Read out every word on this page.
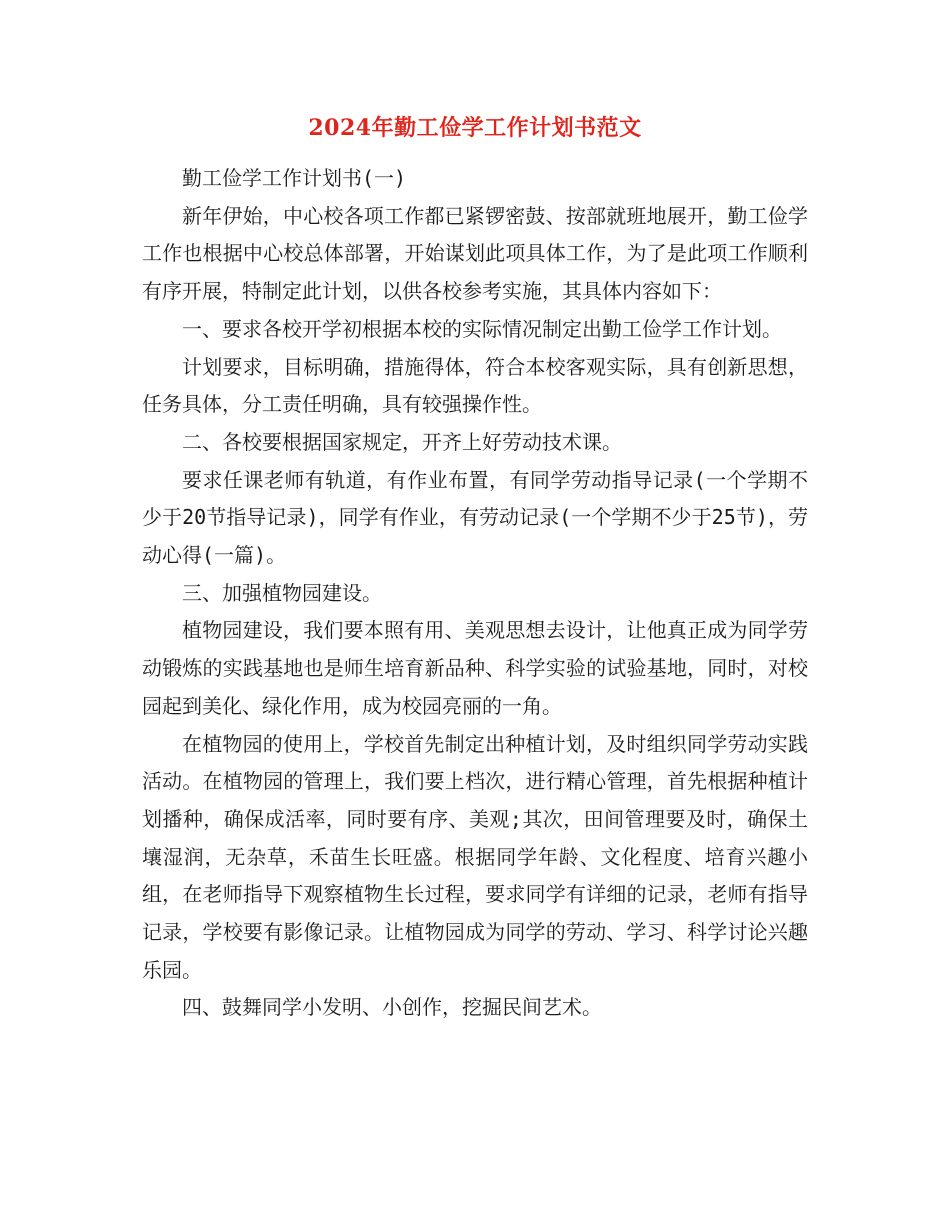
2024年勤工俭学工作计划书范文

勤工俭学工作计划书(一)

新年伊始，中心校各项工作都已紧锣密鼓、按部就班地展开，勤工俭学工作也根据中心校总体部署，开始谋划此项具体工作，为了是此项工作顺利有序开展，特制定此计划，以供各校参考实施，其具体内容如下：

一、要求各校开学初根据本校的实际情况制定出勤工俭学工作计划。

计划要求，目标明确，措施得体，符合本校客观实际，具有创新思想，任务具体，分工责任明确，具有较强操作性。

二、各校要根据国家规定，开齐上好劳动技术课。

要求任课老师有轨道，有作业布置，有同学劳动指导记录(一个学期不少于20节指导记录)，同学有作业，有劳动记录(一个学期不少于25节)，劳动心得(一篇)。

三、加强植物园建设。

植物园建设，我们要本照有用、美观思想去设计，让他真正成为同学劳动锻炼的实践基地也是师生培育新品种、科学实验的试验基地，同时，对校园起到美化、绿化作用，成为校园亮丽的一角。

在植物园的使用上，学校首先制定出种植计划，及时组织同学劳动实践活动。在植物园的管理上，我们要上档次，进行精心管理，首先根据种植计划播种，确保成活率，同时要有序、美观;其次，田间管理要及时，确保土壤湿润，无杂草，禾苗生长旺盛。根据同学年龄、文化程度、培育兴趣小组，在老师指导下观察植物生长过程，要求同学有详细的记录，老师有指导记录，学校要有影像记录。让植物园成为同学的劳动、学习、科学讨论兴趣乐园。

四、鼓舞同学小发明、小创作，挖掘民间艺术。
